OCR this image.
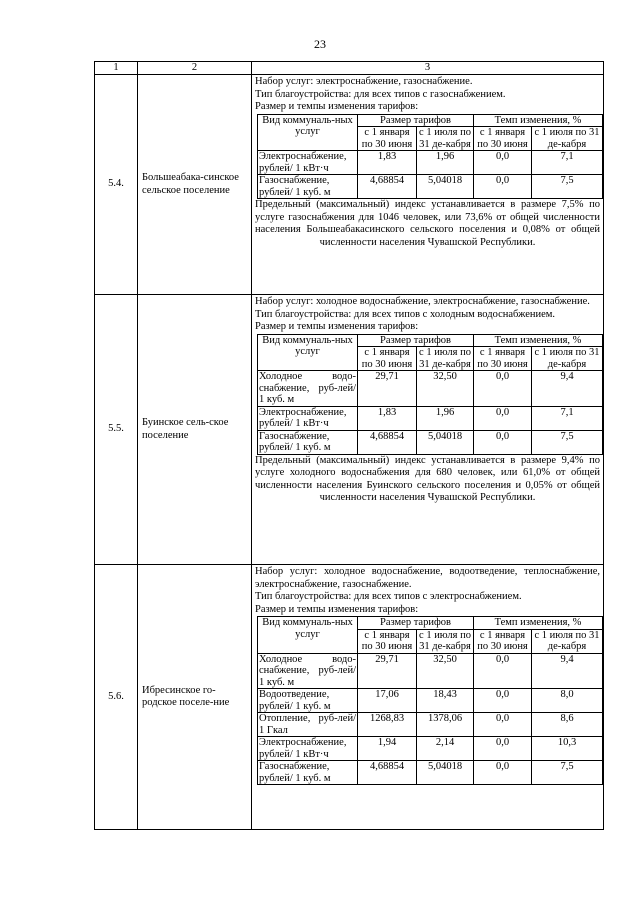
23
1	2	3
5.4.	Большеабака-синское сельское поселение	
Набор услуг: электроснабжение, газоснабжение.
Тип благоустройства: для всех типов с газоснабжением.
Размер и темпы изменения тарифов:
Вид коммуналь-ных услуг	Размер тарифов	Темп изменения, %
с 1 января по 30 июня	с 1 июля по 31 де-кабря	с 1 января по 30 июня	с 1 июля по 31 де-кабря
Электроснабжение, рублей/ 1 кВт·ч	1,83	1,96	0,0	7,1
Газоснабжение, рублей/ 1 куб. м	4,68854	5,04018	0,0	7,5
Предельный (максимальный) индекс устанавливается в размере 7,5% по услуге газоснабжения для 1046 человек, или 73,6% от общей численности населения Большеабакасинского сельского поселения и 0,08% от общей численности населения Чувашской Республики.

5.5.	Буинское сель-ское поселение	
Набор услуг: холодное водоснабжение, электроснабжение, газоснабжение.
Тип благоустройства: для всех типов с холодным водоснабжением.
Размер и темпы изменения тарифов:
Вид коммуналь-ных услуг	Размер тарифов	Темп изменения, %
с 1 января по 30 июня	с 1 июля по 31 де-кабря	с 1 января по 30 июня	с 1 июля по 31 де-кабря
Холодное водо-снабжение, руб-лей/ 1 куб. м	29,71	32,50	0,0	9,4
Электроснабжение, рублей/ 1 кВт·ч	1,83	1,96	0,0	7,1
Газоснабжение, рублей/ 1 куб. м	4,68854	5,04018	0,0	7,5
Предельный (максимальный) индекс устанавливается в размере 9,4% по услуге холодного водоснабжения для 680 человек, или 61,0% от общей численности населения Буинского сельского поселения и 0,05% от общей численности населения Чувашской Республики.

5.6.	Ибресинское го-родское поселе-ние	
Набор услуг: холодное водоснабжение, водоотведение, теплоснабжение, электроснабжение, газоснабжение.
Тип благоустройства: для всех типов с электроснабжением.
Размер и темпы изменения тарифов:
Вид коммуналь-ных услуг	Размер тарифов	Темп изменения, %
с 1 января по 30 июня	с 1 июля по 31 де-кабря	с 1 января по 30 июня	с 1 июля по 31 де-кабря
Холодное водо-снабжение, руб-лей/ 1 куб. м	29,71	32,50	0,0	9,4
Водоотведение, рублей/ 1 куб. м	17,06	18,43	0,0	8,0
Отопление, руб-лей/ 1 Гкал	1268,83	1378,06	0,0	8,6
Электроснабжение, рублей/ 1 кВт·ч	1,94	2,14	0,0	10,3
Газоснабжение, рублей/ 1 куб. м	4,68854	5,04018	0,0	7,5
